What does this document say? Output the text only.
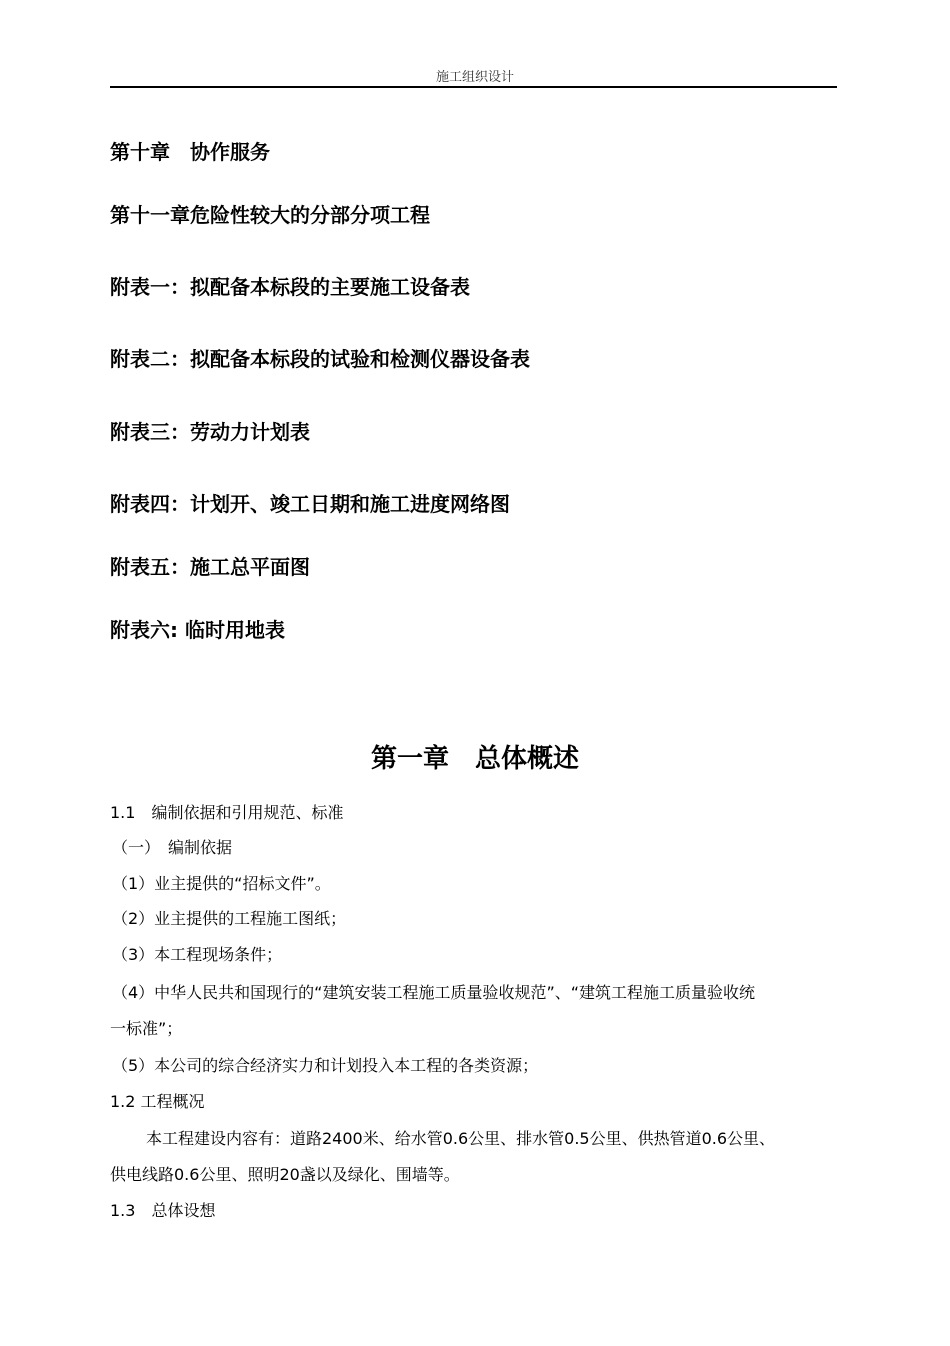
施工组织设计
第十章　协作服务
第十一章危险性较大的分部分项工程
附表一：拟配备本标段的主要施工设备表
附表二：拟配备本标段的试验和检测仪器设备表
附表三：劳动力计划表
附表四：计划开、竣工日期和施工进度网络图
附表五：施工总平面图
附表六: 临时用地表
第一章　总体概述
1.1　编制依据和引用规范、标准
（一）　编制依据
（1）业主提供的“招标文件”。
（2）业主提供的工程施工图纸；
（3）本工程现场条件；
（4）中华人民共和国现行的“建筑安装工程施工质量验收规范”、“建筑工程施工质量验收统
一标准”；
（5）本公司的综合经济实力和计划投入本工程的各类资源；
1.2 工程概况
本工程建设内容有：道路2400米、给水管0.6公里、排水管0.5公里、供热管道0.6公里、
供电线路0.6公里、照明20盏以及绿化、围墙等。
1.3　总体设想
